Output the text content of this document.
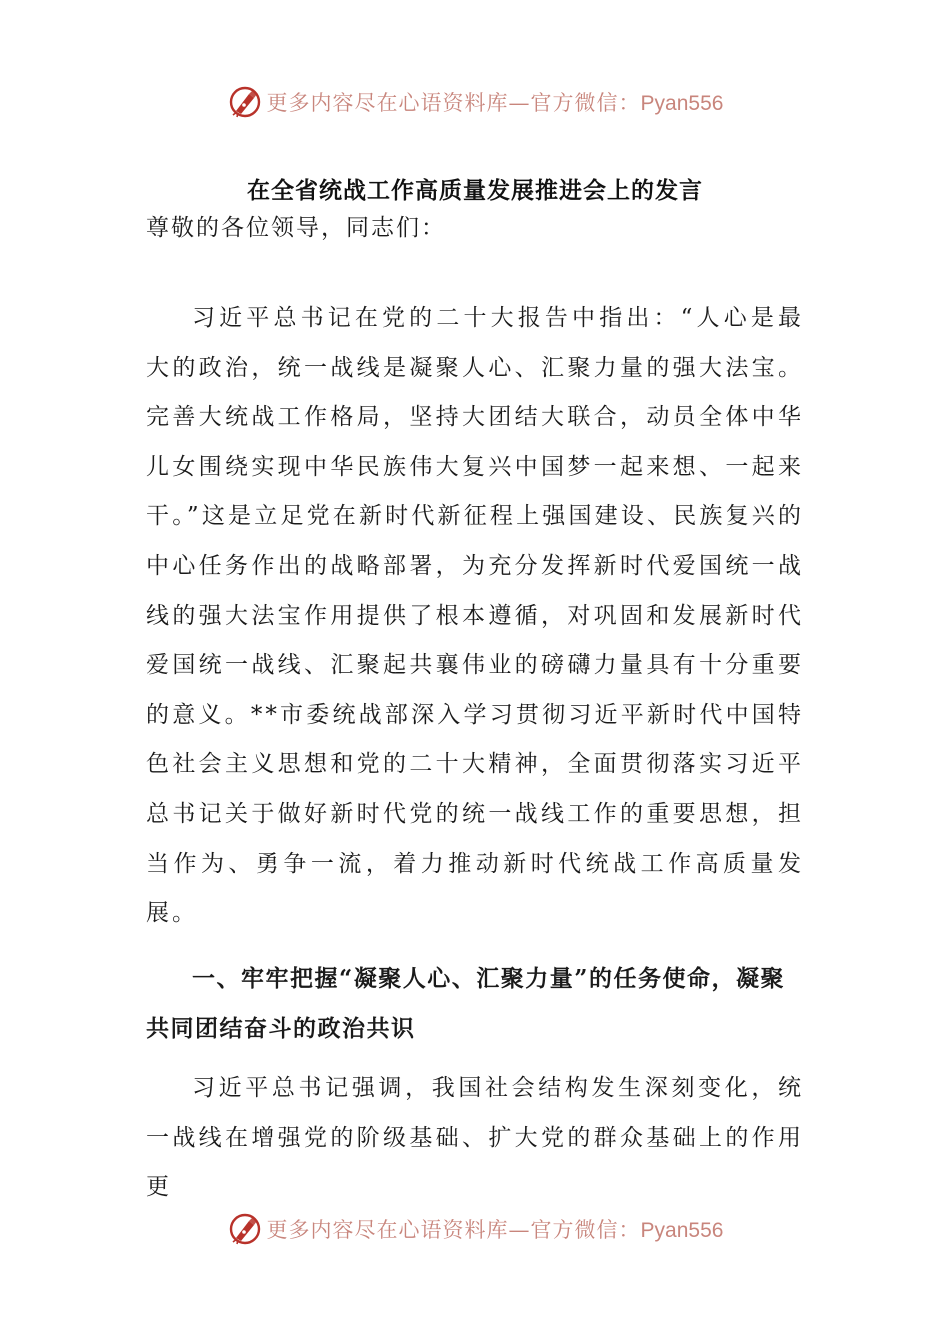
更多内容尽在心语资料库—官方微信：Pyan556
在全省统战工作高质量发展推进会上的发言
尊敬的各位领导，同志们：

习近平总书记在党的二十大报告中指出：“人心是最大的政治，统一战线是凝聚人心、汇聚力量的强大法宝。完善大统战工作格局，坚持大团结大联合，动员全体中华儿女围绕实现中华民族伟大复兴中国梦一起来想、一起来干。”这是立足党在新时代新征程上强国建设、民族复兴的中心任务作出的战略部署，为充分发挥新时代爱国统一战线的强大法宝作用提供了根本遵循，对巩固和发展新时代爱国统一战线、汇聚起共襄伟业的磅礴力量具有十分重要的意义。**市委统战部深入学习贯彻习近平新时代中国特色社会主义思想和党的二十大精神，全面贯彻落实习近平总书记关于做好新时代党的统一战线工作的重要思想，担当作为、勇争一流，着力推动新时代统战工作高质量发展。

一、牢牢把握“凝聚人心、汇聚力量”的任务使命，凝聚共同团结奋斗的政治共识

习近平总书记强调，我国社会结构发生深刻变化，统一战线在增强党的阶级基础、扩大党的群众基础上的作用更

更多内容尽在心语资料库—官方微信：Pyan556
